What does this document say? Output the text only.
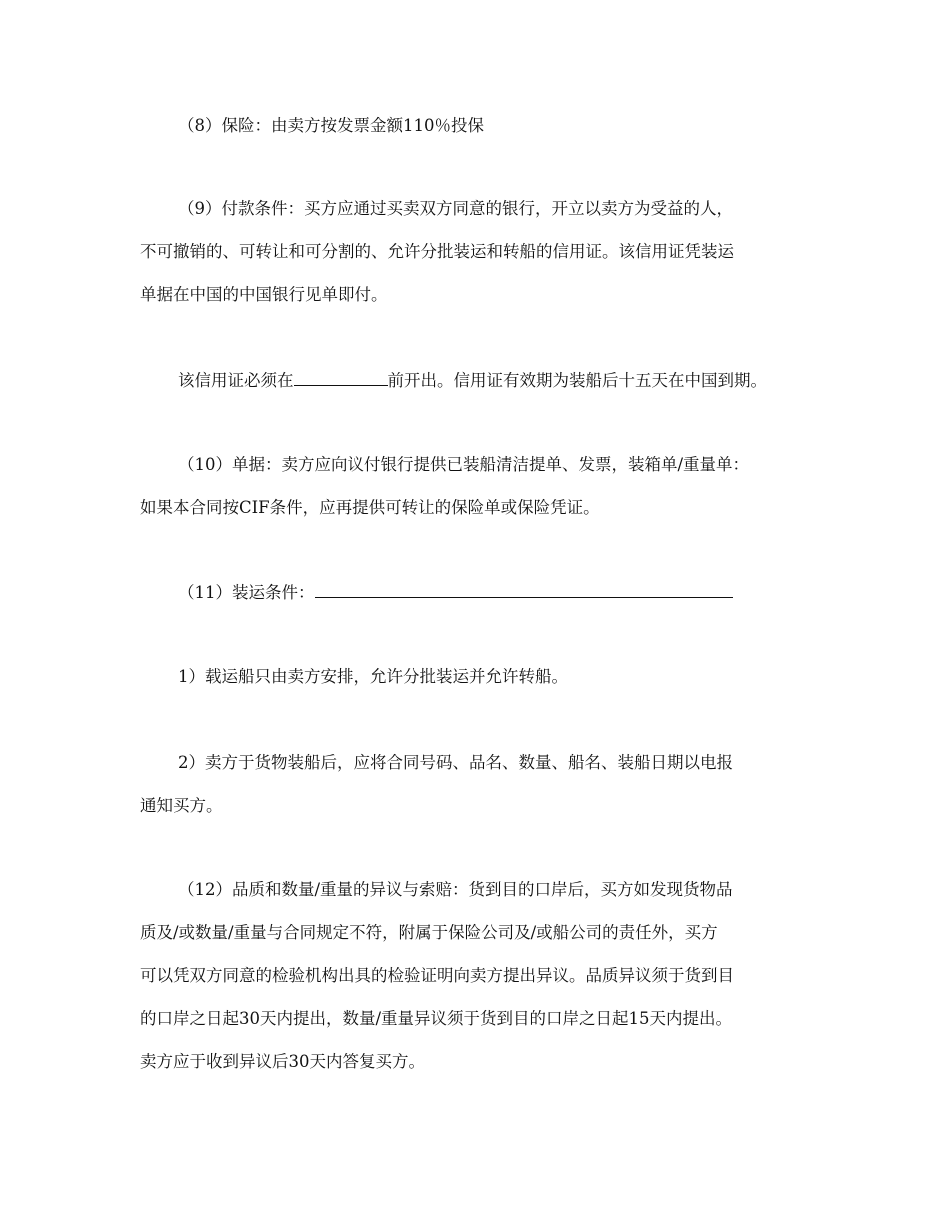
（8）保险：由卖方按发票金额110％投保
（9）付款条件：买方应通过买卖双方同意的银行，开立以卖方为受益的人，
不可撤销的、可转让和可分割的、允许分批装运和转船的信用证。该信用证凭装运
单据在中国的中国银行见单即付。
该信用证必须在	前开出。信用证有效期为装船后十五天在中国到期。
（10）单据：卖方应向议付银行提供已装船清洁提单、发票，装箱单/重量单：
如果本合同按CIF条件，应再提供可转让的保险单或保险凭证。
（11）装运条件：
1）载运船只由卖方安排，允许分批装运并允许转船。
2）卖方于货物装船后，应将合同号码、品名、数量、船名、装船日期以电报
通知买方。
（12）品质和数量/重量的异议与索赔：货到目的口岸后，买方如发现货物品
质及/或数量/重量与合同规定不符，附属于保险公司及/或船公司的责任外，买方
可以凭双方同意的检验机构出具的检验证明向卖方提出异议。品质异议须于货到目
的口岸之日起30天内提出，数量/重量异议须于货到目的口岸之日起15天内提出。
卖方应于收到异议后30天内答复买方。
